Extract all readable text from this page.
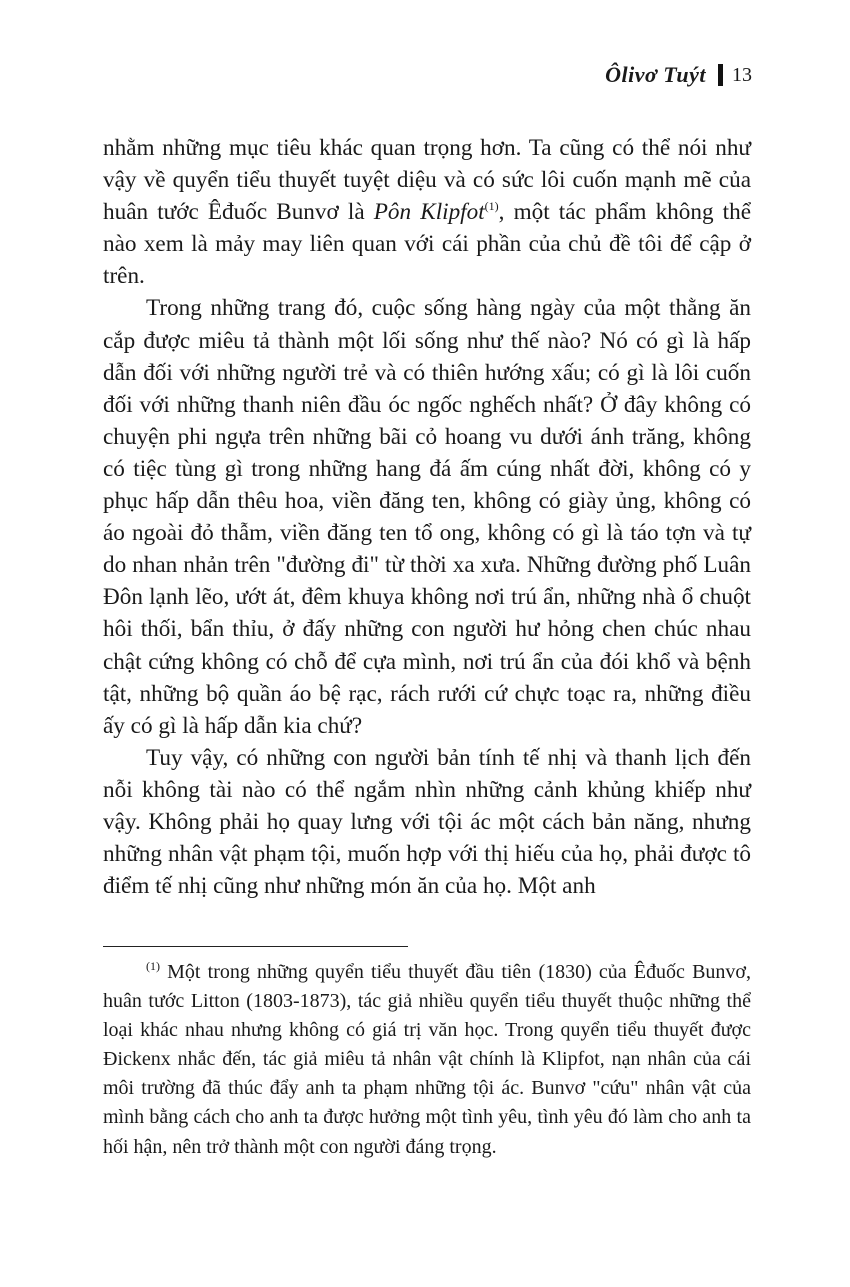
Ôlivơ Tuýt 13

nhằm những mục tiêu khác quan trọng hơn. Ta cũng có thể nói như vậy về quyển tiểu thuyết tuyệt diệu và có sức lôi cuốn mạnh mẽ của huân tước Êđuốc Bunvơ là Pôn Klipfot$^{(1)}$, một tác phẩm không thể nào xem là mảy may liên quan với cái phần của chủ đề tôi để cập ở trên.

Trong những trang đó, cuộc sống hàng ngày của một thằng ăn cắp được miêu tả thành một lối sống như thế nào? Nó có gì là hấp dẫn đối với những người trẻ và có thiên hướng xấu; có gì là lôi cuốn đối với những thanh niên đầu óc ngốc nghếch nhất? Ở đây không có chuyện phi ngựa trên những bãi cỏ hoang vu dưới ánh trăng, không có tiệc tùng gì trong những hang đá ấm cúng nhất đời, không có y phục hấp dẫn thêu hoa, viền đăng ten, không có giày ủng, không có áo ngoài đỏ thẫm, viền đăng ten tổ ong, không có gì là táo tợn và tự do nhan nhản trên "đường đi" từ thời xa xưa. Những đường phố Luân Đôn lạnh lẽo, ướt át, đêm khuya không nơi trú ẩn, những nhà ổ chuột hôi thối, bẩn thỉu, ở đấy những con người hư hỏng chen chúc nhau chật cứng không có chỗ để cựa mình, nơi trú ẩn của đói khổ và bệnh tật, những bộ quần áo bệ rạc, rách rưới cứ chực toạc ra, những điều ấy có gì là hấp dẫn kia chứ?

Tuy vậy, có những con người bản tính tế nhị và thanh lịch đến nỗi không tài nào có thể ngắm nhìn những cảnh khủng khiếp như vậy. Không phải họ quay lưng với tội ác một cách bản năng, nhưng những nhân vật phạm tội, muốn hợp với thị hiếu của họ, phải được tô điểm tế nhị cũng như những món ăn của họ. Một anh

$^{(1)}$ Một trong những quyển tiểu thuyết đầu tiên (1830) của Êđuốc Bunvơ, huân tước Litton (1803-1873), tác giả nhiều quyển tiểu thuyết thuộc những thể loại khác nhau nhưng không có giá trị văn học. Trong quyển tiểu thuyết được Đickenx nhắc đến, tác giả miêu tả nhân vật chính là Klipfot, nạn nhân của cái môi trường đã thúc đẩy anh ta phạm những tội ác. Bunvơ "cứu" nhân vật của mình bằng cách cho anh ta được hưởng một tình yêu, tình yêu đó làm cho anh ta hối hận, nên trở thành một con người đáng trọng.
